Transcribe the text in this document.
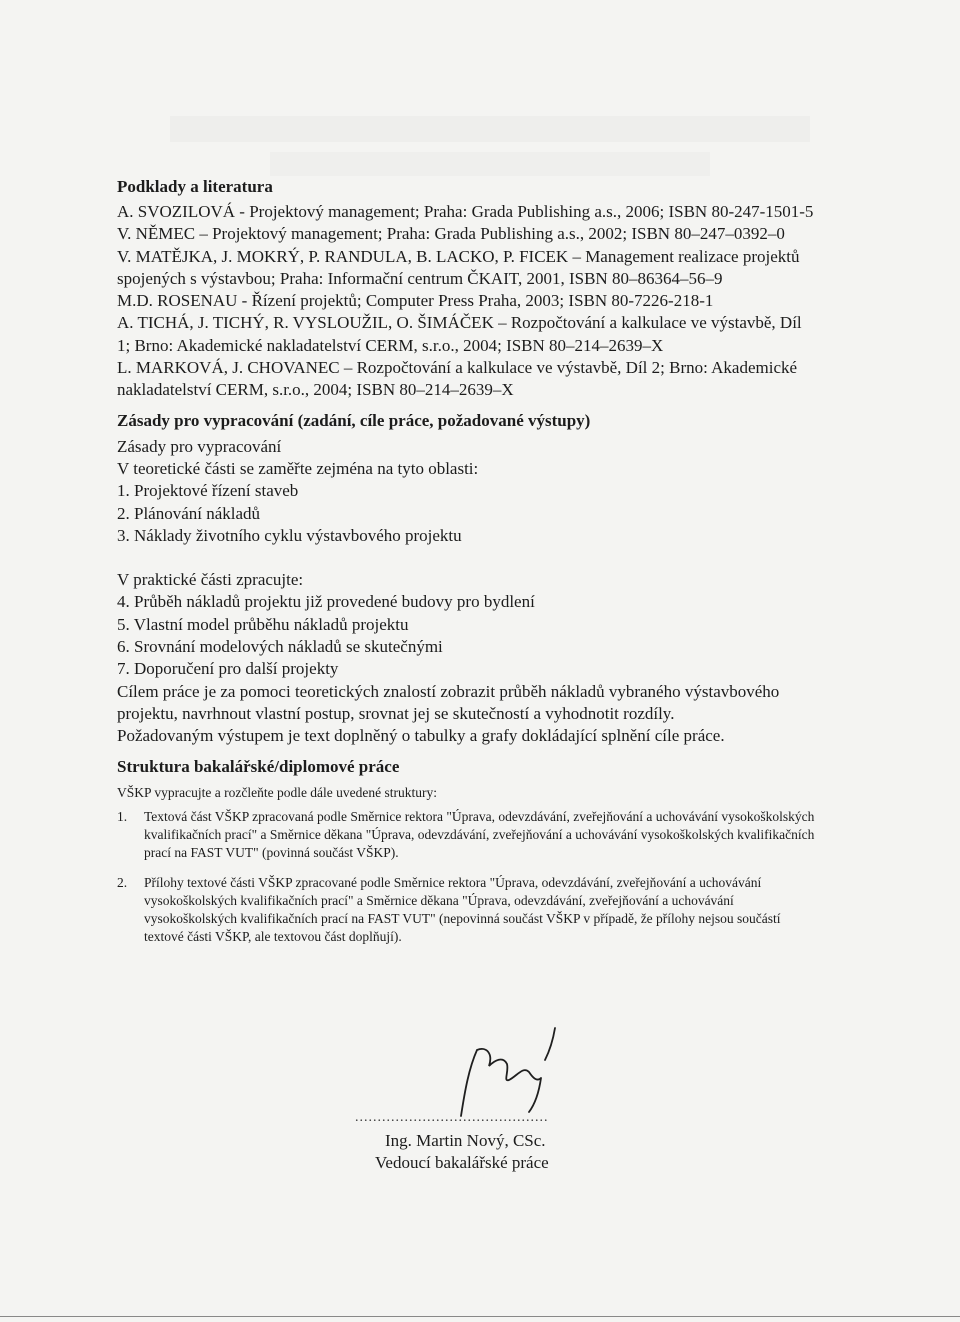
Podklady a literatura
A. SVOZILOVÁ - Projektový management; Praha: Grada Publishing a.s., 2006; ISBN 80-247-1501-5
V. NĚMEC – Projektový management; Praha: Grada Publishing a.s., 2002; ISBN 80–247–0392–0
V. MATĚJKA, J. MOKRÝ, P. RANDULA, B. LACKO, P. FICEK – Management realizace projektů spojených s výstavbou; Praha: Informační centrum ČKAIT, 2001, ISBN 80–86364–56–9
M.D. ROSENAU - Řízení projektů; Computer Press Praha, 2003; ISBN 80-7226-218-1
A. TICHÁ, J. TICHÝ, R. VYSLOUŽIL, O. ŠIMÁČEK – Rozpočtování a kalkulace ve výstavbě, Díl 1; Brno: Akademické nakladatelství CERM, s.r.o., 2004; ISBN 80–214–2639–X
L. MARKOVÁ, J. CHOVANEC – Rozpočtování a kalkulace ve výstavbě, Díl 2; Brno: Akademické nakladatelství CERM, s.r.o., 2004; ISBN 80–214–2639–X
Zásady pro vypracování (zadání, cíle práce, požadované výstupy)
Zásady pro vypracování
V teoretické části se zaměřte zejména na tyto oblasti:
1. Projektové řízení staveb
2. Plánování nákladů
3. Náklady životního cyklu výstavbového projektu
V praktické části zpracujte:
4. Průběh nákladů projektu již provedené budovy pro bydlení
5. Vlastní model průběhu nákladů projektu
6. Srovnání modelových nákladů se skutečnými
7. Doporučení pro další projekty
Cílem práce je za pomoci teoretických znalostí zobrazit průběh nákladů vybraného výstavbového projektu, navrhnout vlastní postup, srovnat jej se skutečností a vyhodnotit rozdíly.
Požadovaným výstupem je text doplněný o tabulky a grafy dokládající splnění cíle práce.
Struktura bakalářské/diplomové práce
VŠKP vypracujte a rozčleňte podle dále uvedené struktury:
1.	Textová část VŠKP zpracovaná podle Směrnice rektora "Úprava, odevzdávání, zveřejňování a uchovávání vysokoškolských kvalifikačních prací" a Směrnice děkana "Úprava, odevzdávání, zveřejňování a uchovávání vysokoškolských kvalifikačních prací na FAST VUT" (povinná součást VŠKP).
2.	Přílohy textové části VŠKP zpracované podle Směrnice rektora "Úprava, odevzdávání, zveřejňování a uchovávání vysokoškolských kvalifikačních prací" a Směrnice děkana "Úprava, odevzdávání, zveřejňování a uchovávání vysokoškolských kvalifikačních prací na FAST VUT" (nepovinná součást VŠKP v případě, že přílohy nejsou součástí textové části VŠKP, ale textovou část doplňují).
...........................................
Ing. Martin Nový, CSc.
Vedoucí bakalářské práce
